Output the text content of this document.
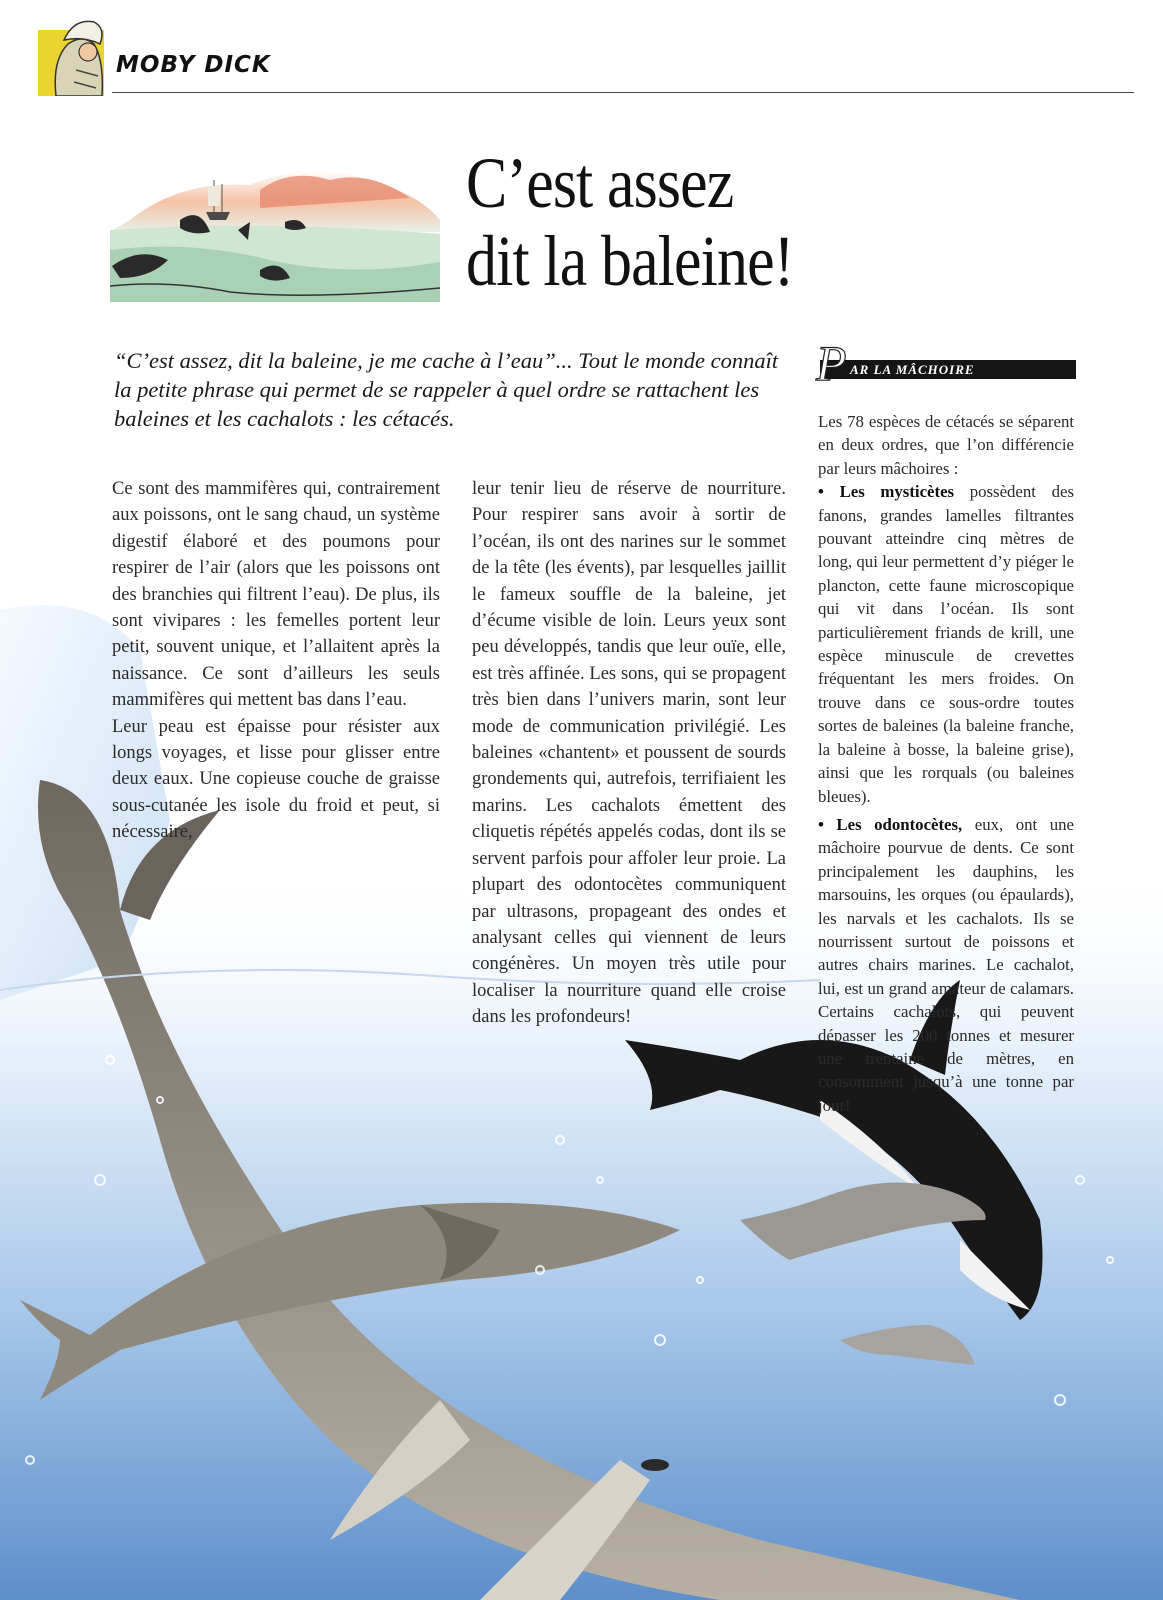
MOBY DICK
C’est assez
dit la baleine!

“C’est assez, dit la baleine, je me cache à l’eau”... Tout le monde connaît la petite phrase qui permet de se rappeler à quel ordre se rattachent les baleines et les cachalots : les cétacés.

Ce sont des mammifères qui, contrairement aux poissons, ont le sang chaud, un système digestif élaboré et des poumons pour respirer de l’air (alors que les poissons ont des branchies qui filtrent l’eau). De plus, ils sont vivipares : les femelles portent leur petit, souvent unique, et l’allaitent après la naissance. Ce sont d’ailleurs les seuls mammifères qui mettent bas dans l’eau.

Leur peau est épaisse pour résister aux longs voyages, et lisse pour glisser entre deux eaux. Une copieuse couche de graisse sous-cutanée les isole du froid et peut, si nécessaire,

leur tenir lieu de réserve de nourriture. Pour respirer sans avoir à sortir de l’océan, ils ont des narines sur le sommet de la tête (les évents), par lesquelles jaillit le fameux souffle de la baleine, jet d’écume visible de loin. Leurs yeux sont peu développés, tandis que leur ouïe, elle, est très affinée. Les sons, qui se propagent très bien dans l’univers marin, sont leur mode de communication privilégié. Les baleines «chantent» et poussent de sourds grondements qui, autrefois, terrifiaient les marins. Les cachalots émettent des cliquetis répétés appelés codas, dont ils se servent parfois pour affoler leur proie. La plupart des odontocètes communiquent par ultrasons, propageant des ondes et analysant celles qui viennent de leurs congénères. Un moyen très utile pour localiser la nourriture quand elle croise dans les profondeurs!

P AR LA MÂCHOIRE

Les 78 espèces de cétacés se séparent en deux ordres, que l’on différencie par leurs mâchoires :

• Les mysticètes possèdent des fanons, grandes lamelles filtrantes pouvant atteindre cinq mètres de long, qui leur permettent d’y piéger le plancton, cette faune microscopique qui vit dans l’océan. Ils sont particulièrement friands de krill, une espèce minuscule de crevettes fréquentant les mers froides. On trouve dans ce sous-ordre toutes sortes de baleines (la baleine franche, la baleine à bosse, la baleine grise), ainsi que les rorquals (ou baleines bleues).

• Les odontocètes, eux, ont une mâchoire pourvue de dents. Ce sont principalement les dauphins, les marsouins, les orques (ou épaulards), les narvals et les cachalots. Ils se nourrissent surtout de poissons et autres chairs marines. Le cachalot, lui, est un grand amateur de calamars. Certains cachalots, qui peuvent dépasser les 200 tonnes et mesurer une trentaine de mètres, en consomment jusqu’à une tonne par jour!
